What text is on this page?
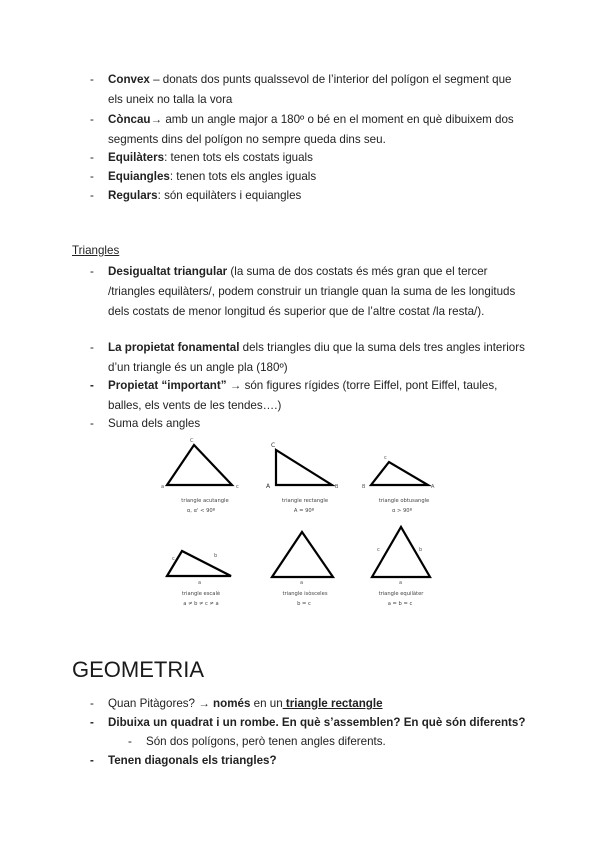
- Convex – donats dos punts qualssevol de l’interior del polígon el segment que els uneix no talla la vora
- Còncau→ amb un angle major a 180º o bé en el moment en què dibuixem dos segments dins del polígon no sempre queda dins seu.
- Equilàters: tenen tots els costats iguals
- Equiangles: tenen tots els angles iguals
- Regulars: són equilàters i equiangles
Triangles
- Desigualtat triangular (la suma de dos costats és més gran que el tercer /triangles equilàters/, podem construir un triangle quan la suma de les longituds dels costats de menor longitud és superior que de l’altre costat /la resta/).
- La propietat fonamental dels triangles diu que la suma dels tres angles interiors d’un triangle és un angle pla (180º)
- Propietat “important” → són figures rígides (torre Eiffel, pont Eiffel, taules, balles, els vents de les tendes….)
- Suma dels angles
C
a	c
C
A	B
c
B	A
c	b
a	a
c	b
a
triangle acutangle
α, α' < 90º
triangle rectangle
A = 90º
triangle obtusangle
α > 90º
triangle escalè
a ≠ b ≠ c ≠ a
triangle isòsceles
b = c
triangle equilàter
a = b = c
GEOMETRIA
- Quan Pitàgores? → només en un triangle rectangle
- Dibuixa un quadrat i un rombe. En què s’assemblen? En què són diferents?
- Són dos polígons, però tenen angles diferents.
- Tenen diagonals els triangles?
